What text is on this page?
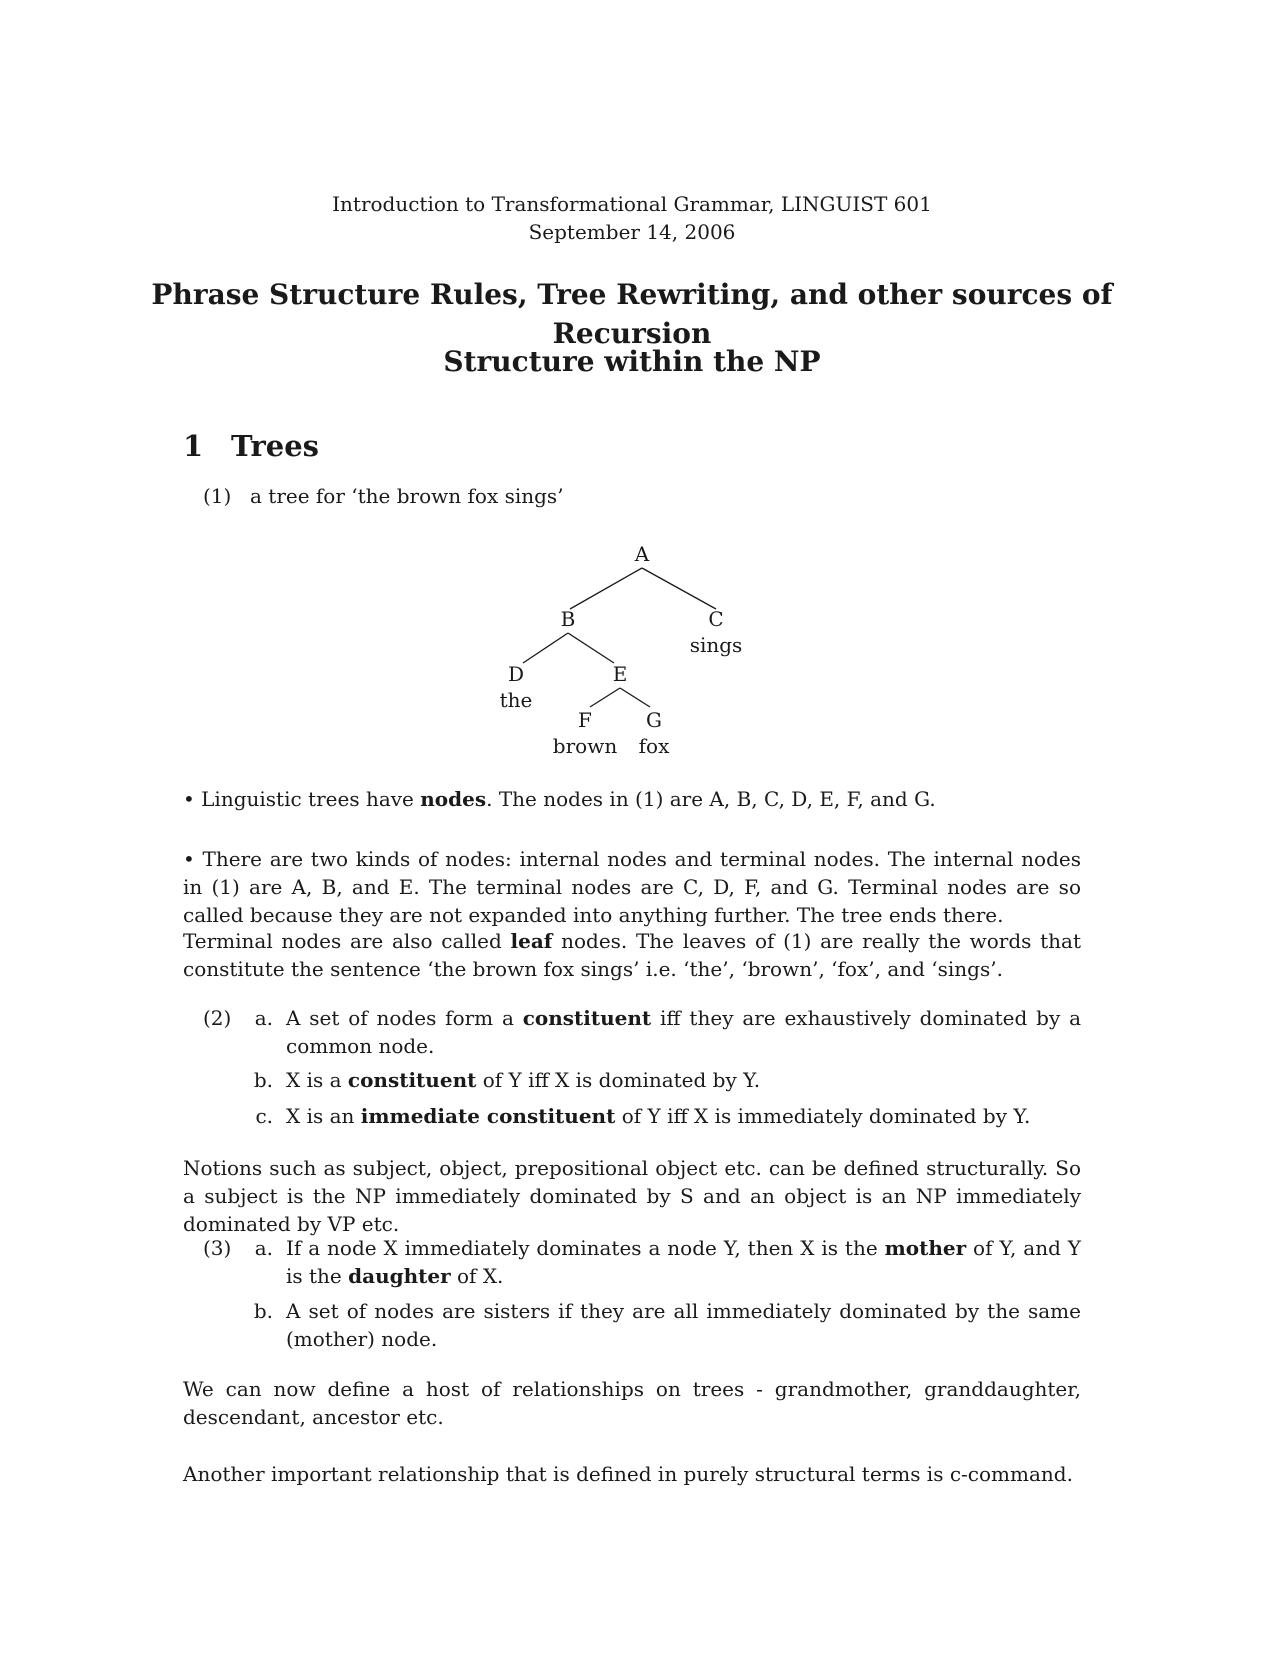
Introduction to Transformational Grammar, LINGUIST 601
September 14, 2006
Phrase Structure Rules, Tree Rewriting, and other sources of
Recursion
Structure within the NP
1 Trees
(1) a tree for ‘the brown fox sings’
A
B	C
sings
D
the
E
F
brown
G
fox
• Linguistic trees have nodes. The nodes in (1) are A, B, C, D, E, F, and G.
• There are two kinds of nodes: internal nodes and terminal nodes. The internal nodes in (1) are A, B, and E. The terminal nodes are C, D, F, and G. Terminal nodes are so called because they are not expanded into anything further. The tree ends there.
Terminal nodes are also called leaf nodes. The leaves of (1) are really the words that constitute the sentence ‘the brown fox sings’ i.e. ‘the’, ‘brown’, ‘fox’, and ‘sings’.
(2)	a. A set of nodes form a constituent iff they are exhaustively dominated by a common node.
b. X is a constituent of Y iff X is dominated by Y.
c. X is an immediate constituent of Y iff X is immediately dominated by Y.
Notions such as subject, object, prepositional object etc. can be defined structurally. So a subject is the NP immediately dominated by S and an object is an NP immediately dominated by VP etc.
(3)	a. If a node X immediately dominates a node Y, then X is the mother of Y, and Y is the daughter of X.
b. A set of nodes are sisters if they are all immediately dominated by the same (mother) node.
We can now define a host of relationships on trees - grandmother, granddaughter, descendant, ancestor etc.
Another important relationship that is defined in purely structural terms is c-command.
